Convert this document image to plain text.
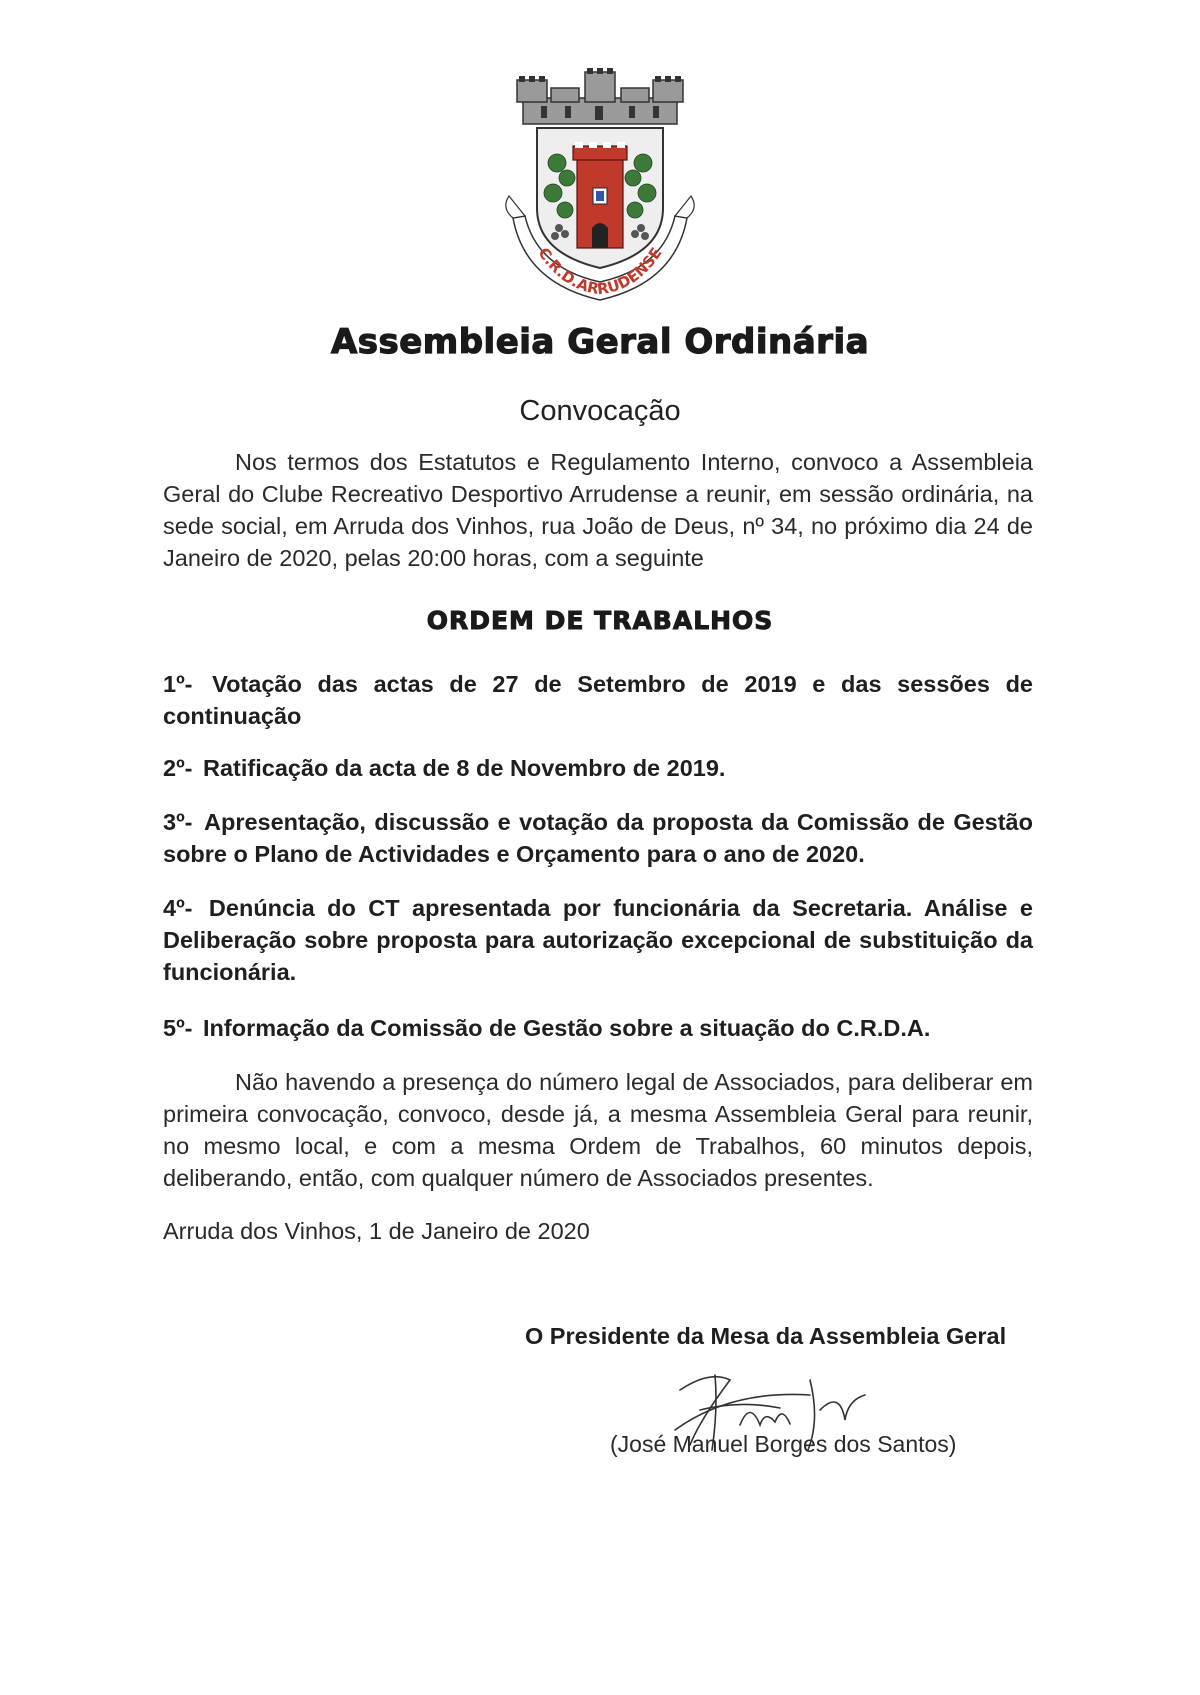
C.R.D.ARRUDENSE
Assembleia Geral Ordinária
Convocação

Nos termos dos Estatutos e Regulamento Interno, convoco a Assembleia Geral do Clube Recreativo Desportivo Arrudense a reunir, em sessão ordinária, na sede social, em Arruda dos Vinhos, rua João de Deus, nº 34, no próximo dia 24 de Janeiro de 2020, pelas 20:00 horas, com a seguinte

ORDEM DE TRABALHOS
1º- Votação das actas de 27 de Setembro de 2019 e das sessões de continuação
2º- Ratificação da acta de 8 de Novembro de 2019.
3º- Apresentação, discussão e votação da proposta da Comissão de Gestão sobre o Plano de Actividades e Orçamento para o ano de 2020.
4º- Denúncia do CT apresentada por funcionária da Secretaria. Análise e Deliberação sobre proposta para autorização excepcional de substituição da funcionária.
5º- Informação da Comissão de Gestão sobre a situação do C.R.D.A.

Não havendo a presença do número legal de Associados, para deliberar em primeira convocação, convoco, desde já, a mesma Assembleia Geral para reunir, no mesmo local, e com a mesma Ordem de Trabalhos, 60 minutos depois, deliberando, então, com qualquer número de Associados presentes.

Arruda dos Vinhos, 1 de Janeiro de 2020
O Presidente da Mesa da Assembleia Geral
(José Manuel Borges dos Santos)
